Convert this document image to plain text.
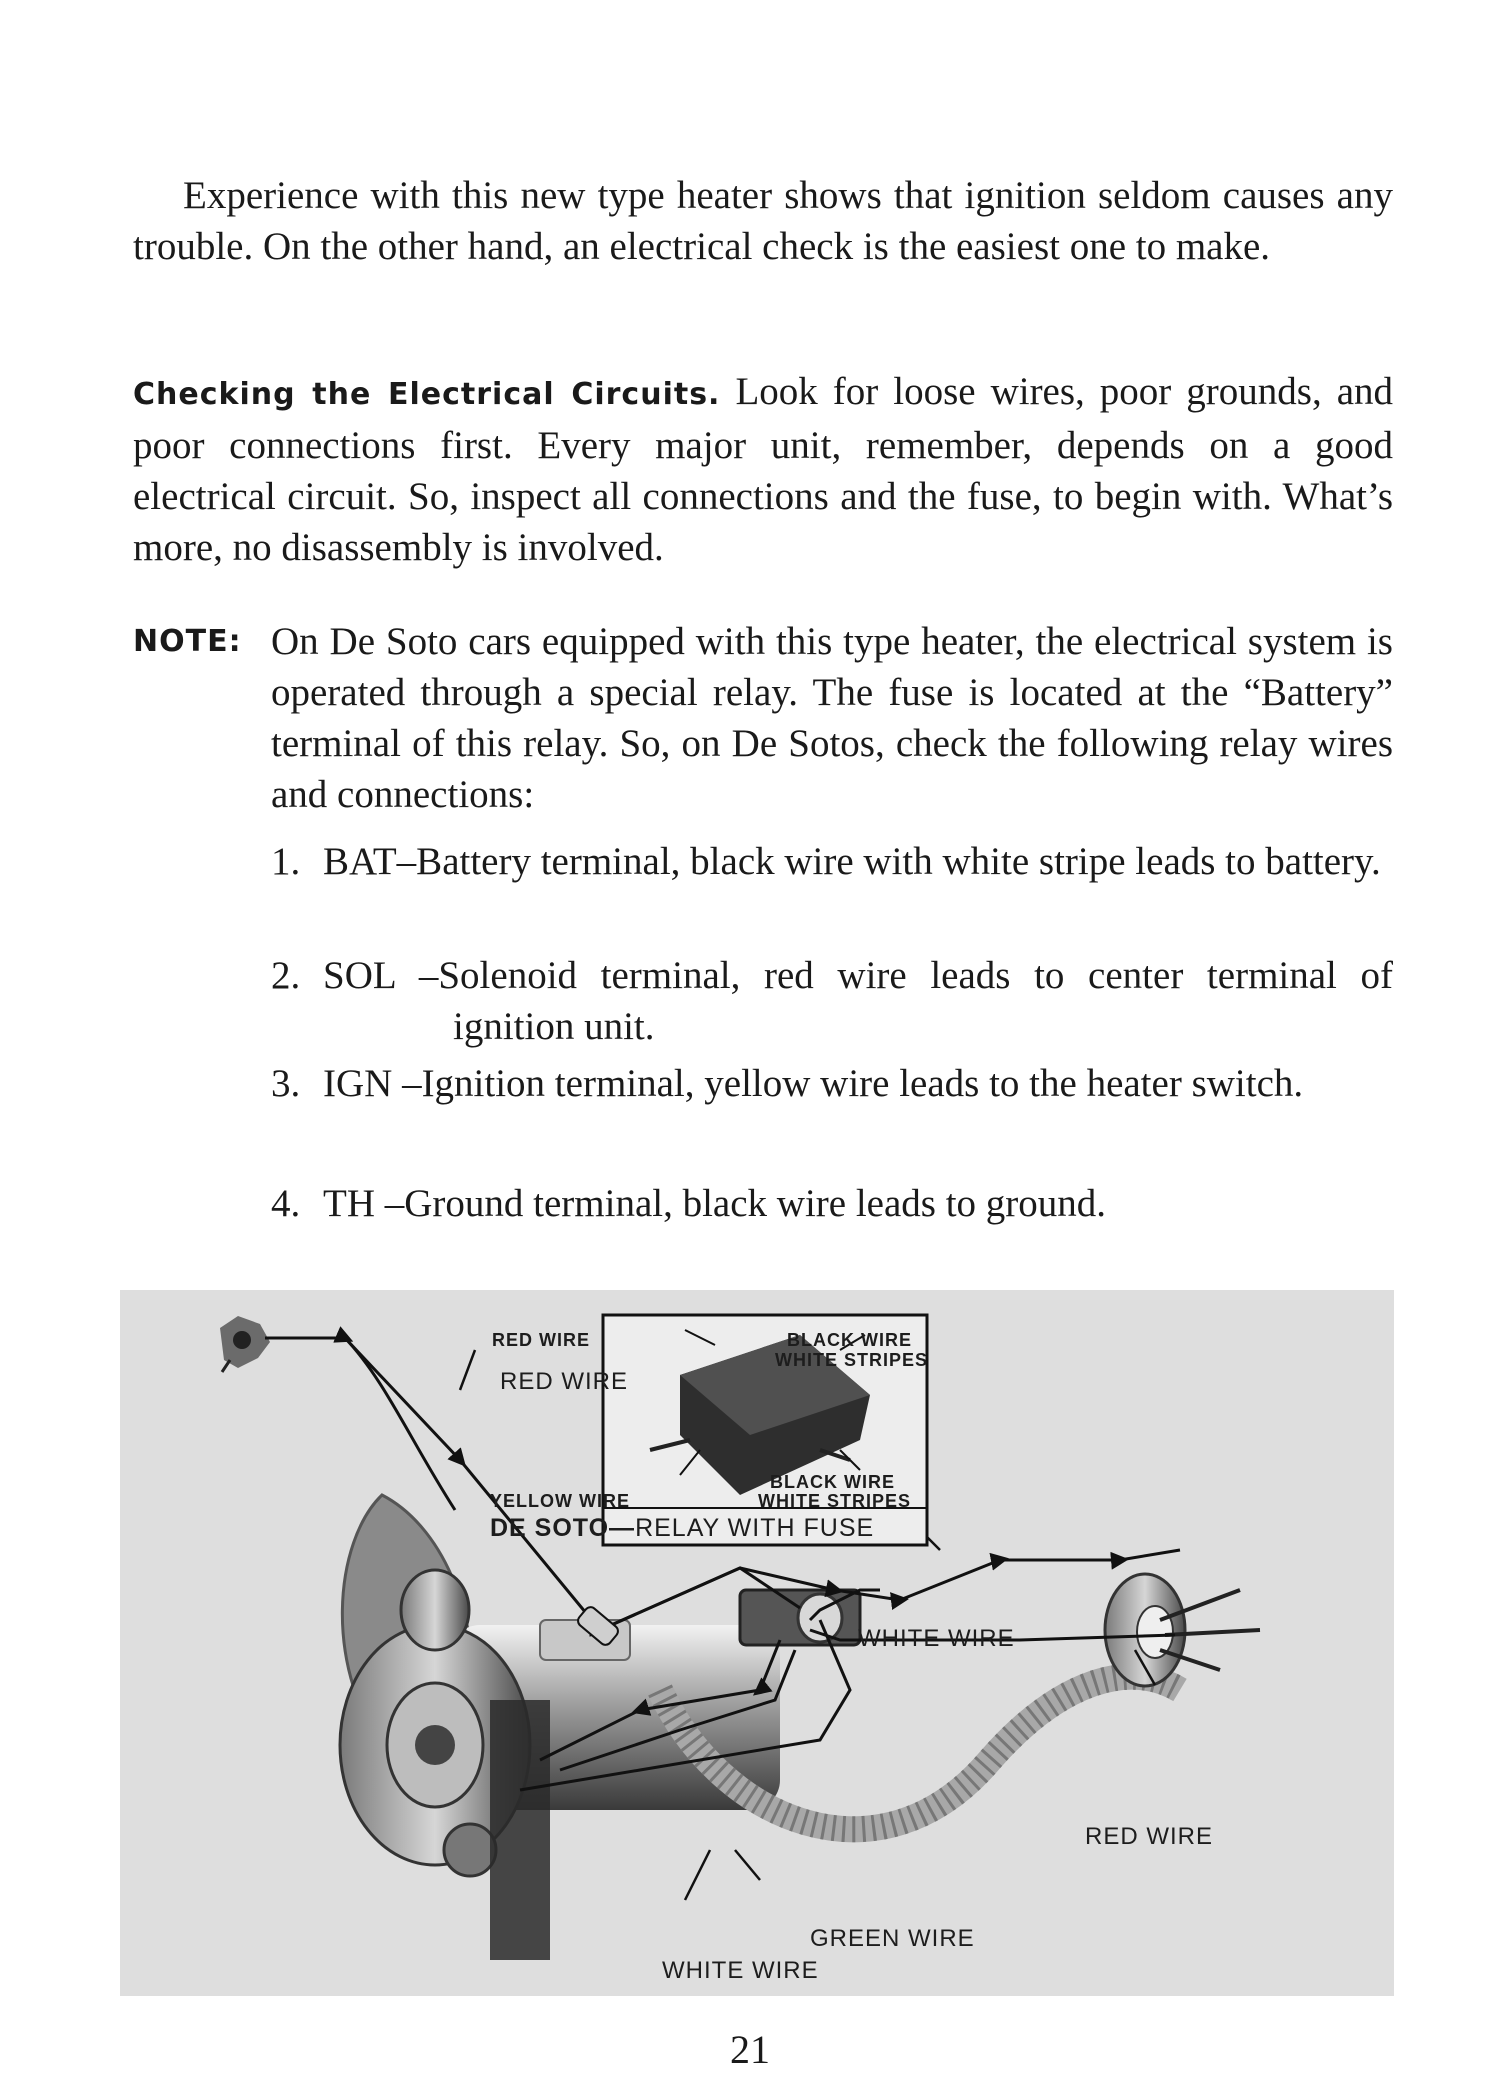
Experience with this new type heater shows that ignition seldom causes any trouble. On the other hand, an electrical check is the easiest one to make.

Checking the Electrical Circuits. Look for loose wires, poor grounds, and poor connections first. Every major unit, remember, depends on a good electrical circuit. So, inspect all connections and the fuse, to begin with. What’s more, no disassembly is involved.

NOTE: On De Soto cars equipped with this type heater, the electrical system is operated through a special relay. The fuse is located at the “Battery” terminal of this relay. So, on De Sotos, check the following relay wires and connections:

1. BAT–Battery terminal, black wire with white stripe leads to battery.
2. SOL –Solenoid terminal, red wire leads to center terminal of ignition unit.
3. IGN –Ignition terminal, yellow wire leads to the heater switch.
4. TH –Ground terminal, black wire leads to ground.
RED WIRE	BLACK WIRE
WHITE STRIPES
BLACK WIRE
WHITE STRIPES
YELLOW WIRE
DE SOTO—RELAY WITH FUSE
RED WIRE
WHITE WIRE
RED WIRE
GREEN WIRE
WHITE WIRE
21
